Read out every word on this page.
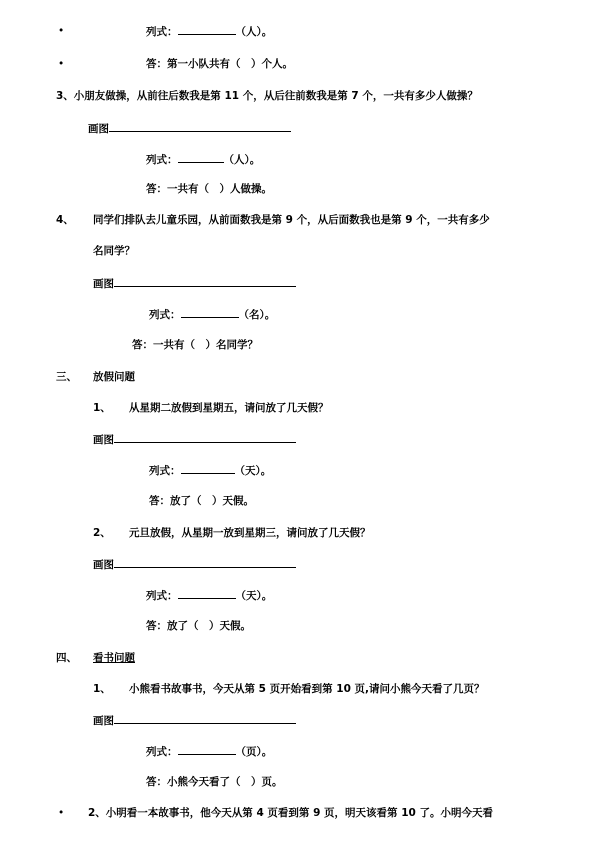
•	列式：	（人）。
•	答：第一小队共有（　）个人。
3、小朋友做操，从前往后数我是第 11 个，从后往前数我是第 7 个，一共有多少人做操？
画图
列式：	（人）。
答：一共有（　）人做操。
4、 同学们排队去儿童乐园，从前面数我是第 9 个，从后面数我也是第 9 个，一共有多少
名同学？
画图
列式：	（名）。
答：一共有（　）名同学？
三、 放假问题
1、 从星期二放假到星期五，请问放了几天假？
画图
列式：	（天）。
答：放了（　）天假。
2、 元旦放假，从星期一放到星期三，请问放了几天假？
画图
列式：	（天）。
答：放了（　）天假。
四、 看书问题
1、 小熊看书故事书，今天从第 5 页开始看到第 10 页,请问小熊今天看了几页？
画图
列式：	（页）。
答：小熊今天看了（　）页。
• 2、小明看一本故事书，他今天从第 4 页看到第 9 页，明天该看第 10 了。小明今天看
